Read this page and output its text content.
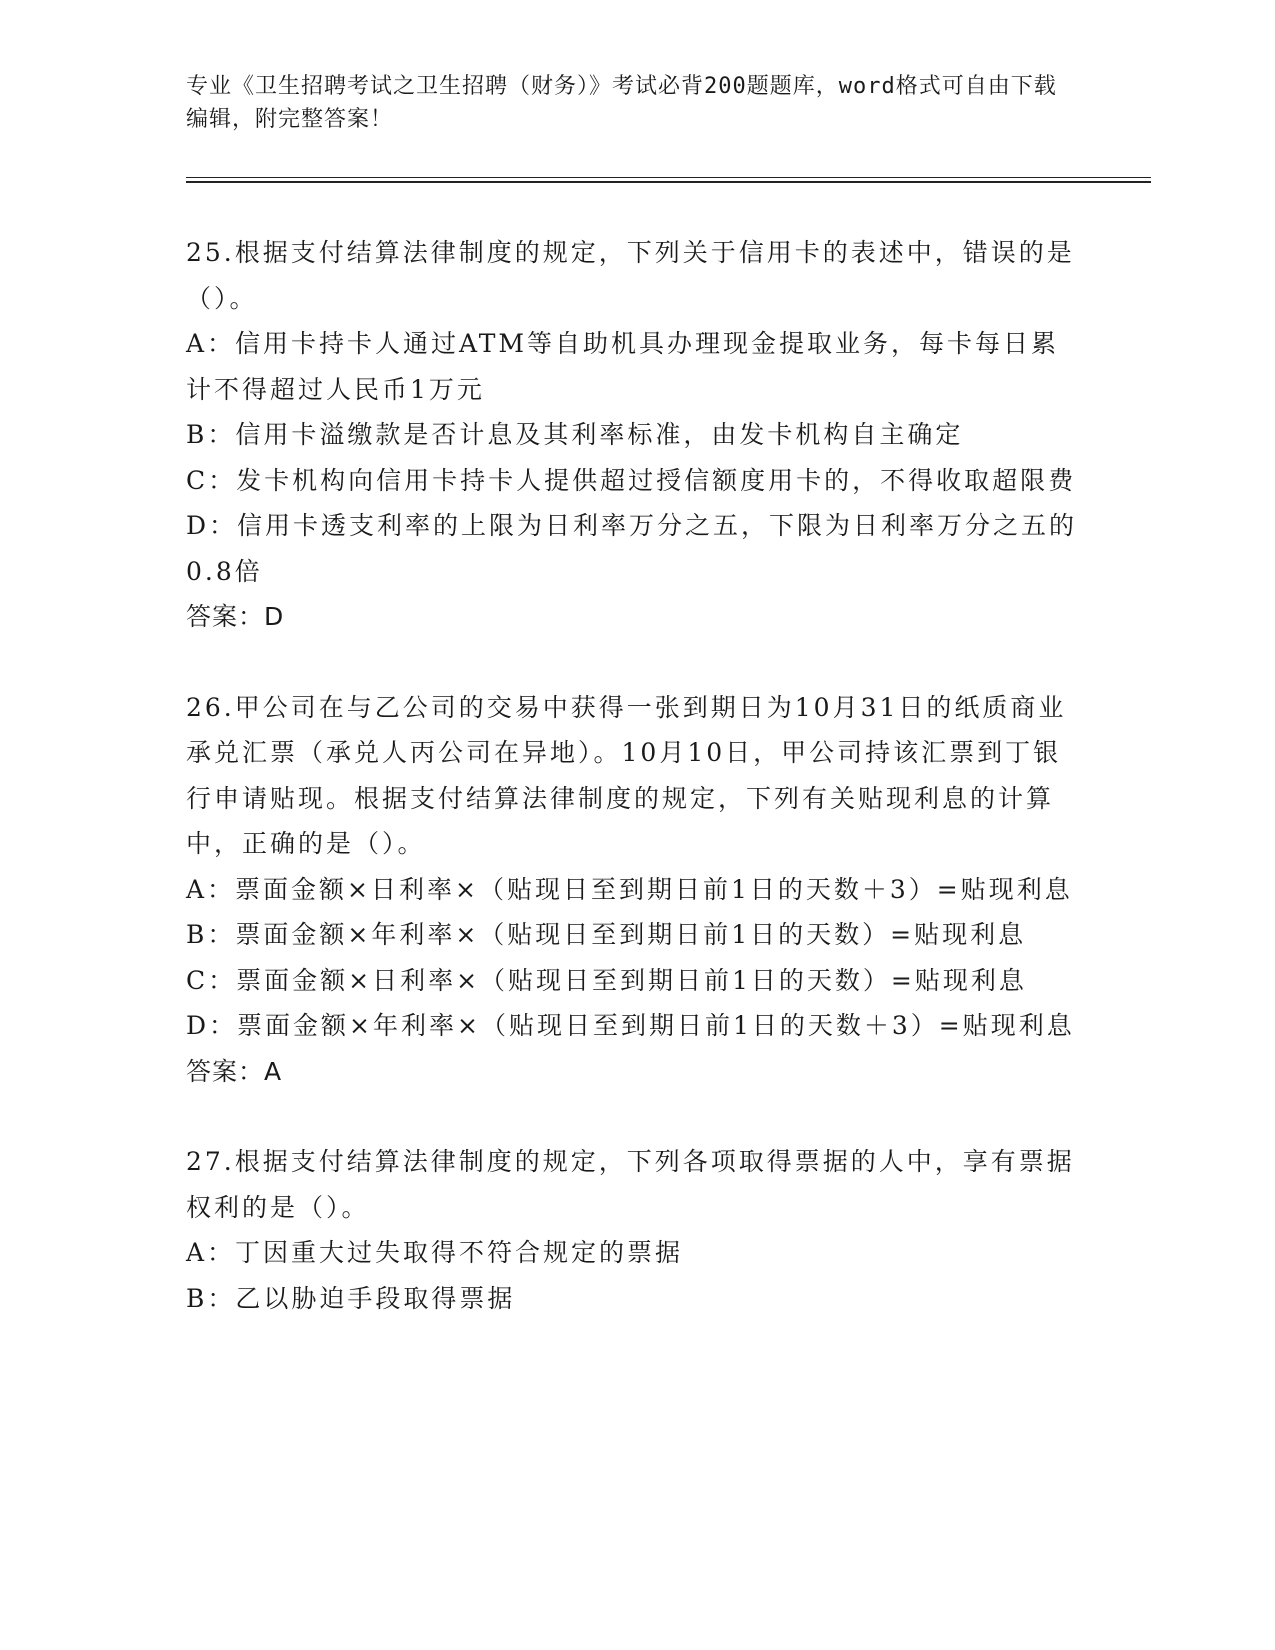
专业《卫生招聘考试之卫生招聘（财务）》考试必背200题题库，word格式可自由下载编辑，附完整答案！
25.根据支付结算法律制度的规定，下列关于信用卡的表述中，错误的是（）。
A：信用卡持卡人通过ATM等自助机具办理现金提取业务，每卡每日累计不得超过人民币1万元
B：信用卡溢缴款是否计息及其利率标准，由发卡机构自主确定
C：发卡机构向信用卡持卡人提供超过授信额度用卡的，不得收取超限费
D：信用卡透支利率的上限为日利率万分之五，下限为日利率万分之五的0.8倍
答案：D
26.甲公司在与乙公司的交易中获得一张到期日为10月31日的纸质商业承兑汇票（承兑人丙公司在异地）。10月10日，甲公司持该汇票到丁银行申请贴现。根据支付结算法律制度的规定，下列有关贴现利息的计算中，正确的是（）。
A：票面金额×日利率×（贴现日至到期日前1日的天数＋3）=贴现利息
B：票面金额×年利率×（贴现日至到期日前1日的天数）=贴现利息
C：票面金额×日利率×（贴现日至到期日前1日的天数）=贴现利息
D：票面金额×年利率×（贴现日至到期日前1日的天数＋3）=贴现利息
答案：A
27.根据支付结算法律制度的规定，下列各项取得票据的人中，享有票据权利的是（）。
A：丁因重大过失取得不符合规定的票据
B：乙以胁迫手段取得票据
